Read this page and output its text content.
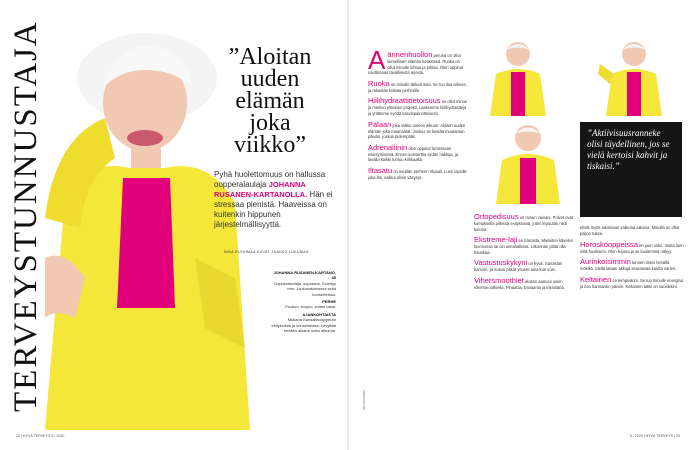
TERVEYSTUNNUSTAJA	”Aloitan uuden elämän joka viikko”
Pyhä huolettomuus on hallussa oopperalaulaja JOHANNA RUSANEN-KARTANOLLA. Hän ei stressaa pienistä. Haaveissa on kuitenkin hippunen järjestelmällisyyttä.
NINA RUOHMAA KUVAT JAAKKO LUKUMAA
JOHANNA RUSANEN-KARTANO, 45
Oopperalaulaja, sopraano. Esiintyy mm. Jouluoratorioissa sekä konserteissa.
PERHE
Puoliso, kuopio, kolme lasta.
AJANKOHTAISTA
Mukana Kansallisoopperan esityksissä ja konserteissa. Levyttää kevään aikana uutta albumia.
”Aktiivisuusranneke olisi täydellinen, jos se vielä kertoisi kahvit ja tiskaisi.”
KOHTAAMISIA

Aännenhuollon peruna on ollut kiireellisen elämän keskiössä. Ruoka on ollut minulle lohtua ja juhlaa. Olen oppinut nauttimaan tavallisesta arjesta.

Ruoka on minulle tärkeä asia. Se tuo iloa arkeen, ja rakastan kokata perheelle.

Hiilihydraattitietoisuus on ollut minun ja miehen yhteinen projekti. Laskemme hiilihydraatteja ja yritämme syödä kasvispainotteisesti.

Palaan joka viikko uuteen alkuun. Aloitan uuden elämän joka maanantai. Joskus se kestää muutaman päivän, joskus pidempään.

Adrenaliinin olen oppinut tuntemaan esiintymisissä. Ennen konserttia sydän hakkaa, ja lavalla kaikki tuntuu kirkkaalta.

Iltasatu on meidän perheen rituaali. Luen lapsille joka ilta, vaikka olisin väsynyt.

Ortopedisuus on minun vaivani. Polvet ovat koetuksella pitkissä esityksissä, joten lepuutan niitä kotona.

Ekstreme-laji en harrasta. Mieluiten kävelen luonnossa tai uin uimahallissa. Liikunnan pitää olla hauskaa.

Vastustuskykyni on hyvä. Sairastan harvoin, ja nukun pitkät yöunet aina kun voin.

Vihersmoothiet aloitan aamuni usein vihersmoothiella. Pinaattia, banaania ja inkivääriä.

elivät myös aikoinaan vaikeina aikoina. Minulla on ollut paljon tukea.

Horoskooppeissa en juuri usko, mutta luen niitä huvikseni. Olen leijona ja se kuulemma näkyy.

Aurinkoisimmin tunnen itseni kesällä mökillä. Siellä lataan akkuja seuraavaa kautta varten.

Keltainen on lempivärini. Se tuo minulle energiaa ja iloa harmaisiin päiviin. Keltainen takki on suosikkini.

32 | HYVÄ TERVEYS 5 / 2020	5 / 2020 | HYVÄ TERVEYS | 33
